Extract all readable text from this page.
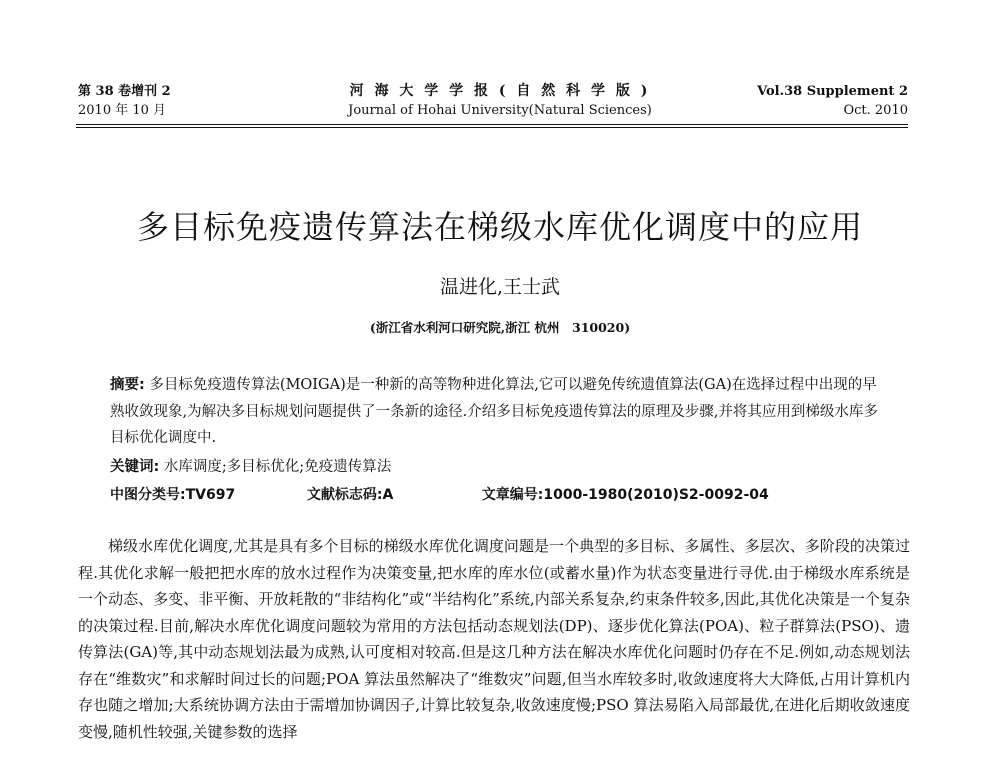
第 38 卷增刊 2
2010 年 10 月
河 海 大 学 学 报 ( 自 然 科 学 版 )
Journal of Hohai University(Natural Sciences)
Vol.38 Supplement 2
Oct. 2010
多目标免疫遗传算法在梯级水库优化调度中的应用
温进化,王士武
(浙江省水利河口研究院,浙江 杭州　310020)
摘要: 多目标免疫遗传算法(MOIGA)是一种新的高等物种进化算法,它可以避免传统遗值算法(GA)在选择过程中出现的早熟收敛现象,为解决多目标规划问题提供了一条新的途径.介绍多目标免疫遗传算法的原理及步骤,并将其应用到梯级水库多目标优化调度中.
关键词: 水库调度;多目标优化;免疫遗传算法
中图分类号:TV697	文献标志码:A	文章编号:1000-1980(2010)S2-0092-04

梯级水库优化调度,尤其是具有多个目标的梯级水库优化调度问题是一个典型的多目标、多属性、多层次、多阶段的决策过程.其优化求解一般把把水库的放水过程作为决策变量,把水库的库水位(或蓄水量)作为状态变量进行寻优.由于梯级水库系统是一个动态、多变、非平衡、开放耗散的“非结构化”或“半结构化”系统,内部关系复杂,约束条件较多,因此,其优化决策是一个复杂的决策过程.目前,解决水库优化调度问题较为常用的方法包括动态规划法(DP)、逐步优化算法(POA)、粒子群算法(PSO)、遗传算法(GA)等,其中动态规划法最为成熟,认可度相对较高.但是这几种方法在解决水库优化问题时仍存在不足.例如,动态规划法存在“维数灾”和求解时间过长的问题;POA 算法虽然解决了“维数灾”问题,但当水库较多时,收敛速度将大大降低,占用计算机内存也随之增加;大系统协调方法由于需增加协调因子,计算比较复杂,收敛速度慢;PSO 算法易陷入局部最优,在进化后期收敛速度变慢,随机性较强,关键参数的选择
